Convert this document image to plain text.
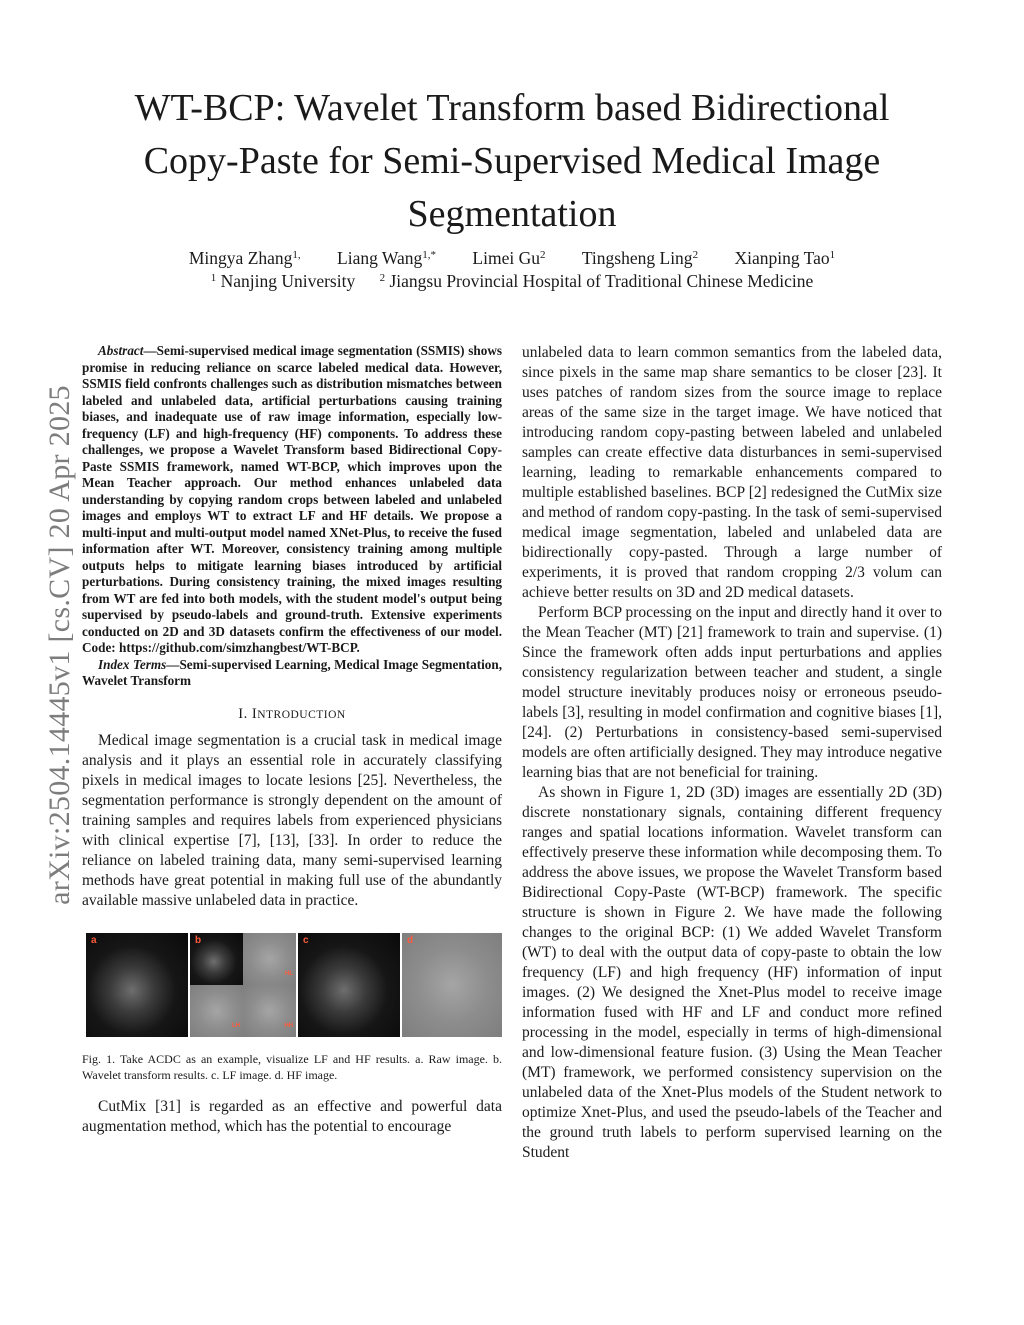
arXiv:2504.14445v1 [cs.CV] 20 Apr 2025
WT-BCP: Wavelet Transform based Bidirectional Copy-Paste for Semi-Supervised Medical Image Segmentation
Mingya Zhang$^{1,}$ Liang Wang$^{1,*}$ Limei Gu$^2$ Tingsheng Ling$^2$ Xianping Tao$^1$
$^1$ Nanjing University $^2$ Jiangsu Provincial Hospital of Traditional Chinese Medicine

Abstract—Semi-supervised medical image segmentation (SSMIS) shows promise in reducing reliance on scarce labeled medical data. However, SSMIS field confronts challenges such as distribution mismatches between labeled and unlabeled data, artificial perturbations causing training biases, and inadequate use of raw image information, especially low-frequency (LF) and high-frequency (HF) components. To address these challenges, we propose a Wavelet Transform based Bidirectional Copy-Paste SSMIS framework, named WT-BCP, which improves upon the Mean Teacher approach. Our method enhances unlabeled data understanding by copying random crops between labeled and unlabeled images and employs WT to extract LF and HF details. We propose a multi-input and multi-output model named XNet-Plus, to receive the fused information after WT. Moreover, consistency training among multiple outputs helps to mitigate learning biases introduced by artificial perturbations. During consistency training, the mixed images resulting from WT are fed into both models, with the student model's output being supervised by pseudo-labels and ground-truth. Extensive experiments conducted on 2D and 3D datasets confirm the effectiveness of our model. Code: https://github.com/simzhangbest/WT-BCP.

Index Terms—Semi-supervised Learning, Medical Image Segmentation, Wavelet Transform

I. INTRODUCTION

Medical image segmentation is a crucial task in medical image analysis and it plays an essential role in accurately classifying pixels in medical images to locate lesions [25]. Nevertheless, the segmentation performance is strongly dependent on the amount of training samples and requires labels from experienced physicians with clinical expertise [7], [13], [33]. In order to reduce the reliance on labeled training data, many semi-supervised learning methods have great potential in making full use of the abundantly available massive unlabeled data in practice.

a	b
HL
LH	HH
c	d

Fig. 1. Take ACDC as an example, visualize LF and HF results. a. Raw image. b. Wavelet transform results. c. LF image. d. HF image.

CutMix [31] is regarded as an effective and powerful data augmentation method, which has the potential to encourage

unlabeled data to learn common semantics from the labeled data, since pixels in the same map share semantics to be closer [23]. It uses patches of random sizes from the source image to replace areas of the same size in the target image. We have noticed that introducing random copy-pasting between labeled and unlabeled samples can create effective data disturbances in semi-supervised learning, leading to remarkable enhancements compared to multiple established baselines. BCP [2] redesigned the CutMix size and method of random copy-pasting. In the task of semi-supervised medical image segmentation, labeled and unlabeled data are bidirectionally copy-pasted. Through a large number of experiments, it is proved that random cropping 2/3 volum can achieve better results on 3D and 2D medical datasets.

Perform BCP processing on the input and directly hand it over to the Mean Teacher (MT) [21] framework to train and supervise. (1) Since the framework often adds input perturbations and applies consistency regularization between teacher and student, a single model structure inevitably produces noisy or erroneous pseudo-labels [3], resulting in model confirmation and cognitive biases [1], [24]. (2) Perturbations in consistency-based semi-supervised models are often artificially designed. They may introduce negative learning bias that are not beneficial for training.

As shown in Figure 1, 2D (3D) images are essentially 2D (3D) discrete nonstationary signals, containing different frequency ranges and spatial locations information. Wavelet transform can effectively preserve these information while decomposing them. To address the above issues, we propose the Wavelet Transform based Bidirectional Copy-Paste (WT-BCP) framework. The specific structure is shown in Figure 2. We have made the following changes to the original BCP: (1) We added Wavelet Transform (WT) to deal with the output data of copy-paste to obtain the low frequency (LF) and high frequency (HF) information of input images. (2) We designed the Xnet-Plus model to receive image information fused with HF and LF and conduct more refined processing in the model, especially in terms of high-dimensional and low-dimensional feature fusion. (3) Using the Mean Teacher (MT) framework, we performed consistency supervision on the unlabeled data of the Xnet-Plus models of the Student network to optimize Xnet-Plus, and used the pseudo-labels of the Teacher and the ground truth labels to perform supervised learning on the Student
